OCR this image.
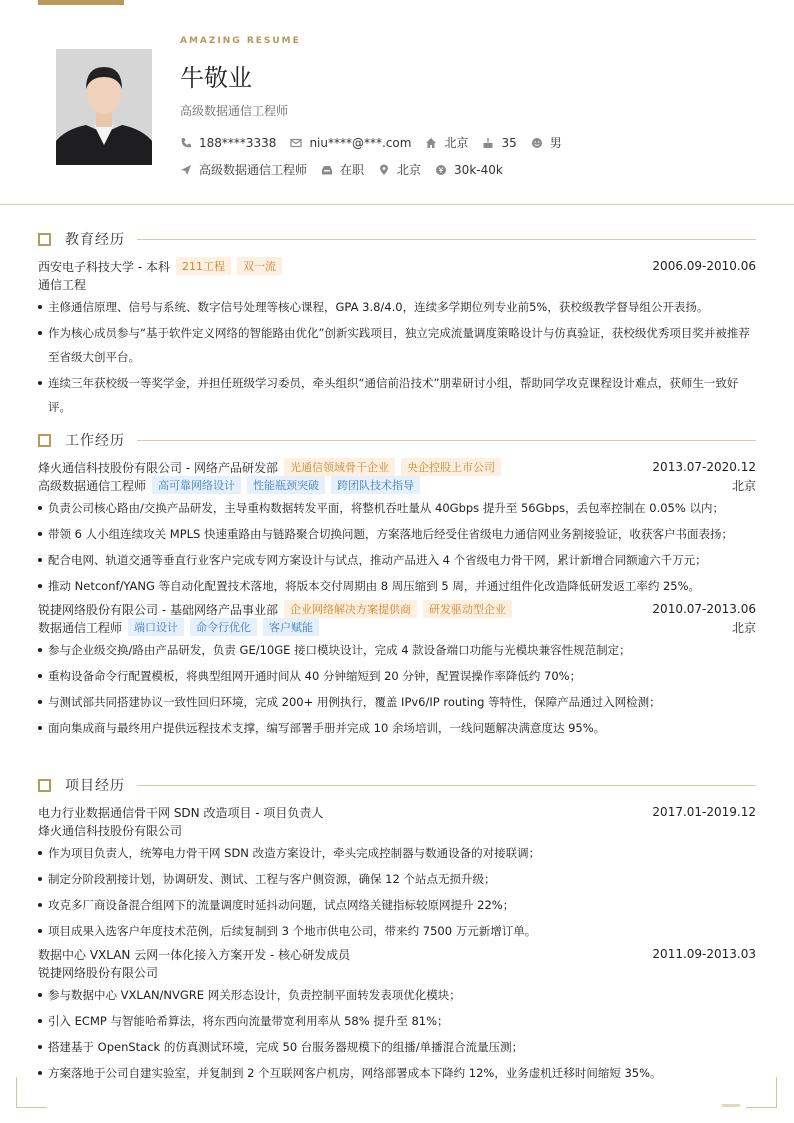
AMAZING RESUME
牛敬业
高级数据通信工程师
188****3338	niu****@***.com	北京	35	男
高级数据通信工程师	在职	北京	30k-40k
教育经历
西安电子科技大学 - 本科	211工程	双一流	2006.09-2010.06
通信工程
主修通信原理、信号与系统、数字信号处理等核心课程，GPA 3.8/4.0，连续多学期位列专业前5%，获校级教学督导组公开表扬。
作为核心成员参与“基于软件定义网络的智能路由优化”创新实践项目，独立完成流量调度策略设计与仿真验证，获校级优秀项目奖并被推荐至省级大创平台。
连续三年获校级一等奖学金，并担任班级学习委员，牵头组织“通信前沿技术”朋辈研讨小组，帮助同学攻克课程设计难点，获师生一致好评。
工作经历
烽火通信科技股份有限公司 - 网络产品研发部	光通信领域骨干企业	央企控股上市公司	2013.07-2020.12
高级数据通信工程师	高可靠网络设计	性能瓶颈突破	跨团队技术指导	北京
负责公司核心路由/交换产品研发，主导重构数据转发平面，将整机吞吐量从 40Gbps 提升至 56Gbps，丢包率控制在 0.05% 以内；
带领 6 人小组连续攻关 MPLS 快速重路由与链路聚合切换问题，方案落地后经受住省级电力通信网业务割接验证，收获客户书面表扬；
配合电网、轨道交通等垂直行业客户完成专网方案设计与试点，推动产品进入 4 个省级电力骨干网，累计新增合同额逾六千万元；
推动 Netconf/YANG 等自动化配置技术落地，将版本交付周期由 8 周压缩到 5 周，并通过组件化改造降低研发返工率约 25%。
锐捷网络股份有限公司 - 基础网络产品事业部	企业网络解决方案提供商	研发驱动型企业	2010.07-2013.06
数据通信工程师	端口设计	命令行优化	客户赋能	北京
参与企业级交换/路由产品研发，负责 GE/10GE 接口模块设计，完成 4 款设备端口功能与光模块兼容性规范制定；
重构设备命令行配置模板，将典型组网开通时间从 40 分钟缩短到 20 分钟，配置误操作率降低约 70%；
与测试部共同搭建协议一致性回归环境，完成 200+ 用例执行，覆盖 IPv6/IP routing 等特性，保障产品通过入网检测；
面向集成商与最终用户提供远程技术支撑，编写部署手册并完成 10 余场培训，一线问题解决满意度达 95%。
项目经历
电力行业数据通信骨干网 SDN 改造项目 - 项目负责人	2017.01-2019.12
烽火通信科技股份有限公司
作为项目负责人，统筹电力骨干网 SDN 改造方案设计，牵头完成控制器与数通设备的对接联调；
制定分阶段割接计划，协调研发、测试、工程与客户侧资源，确保 12 个站点无损升级；
攻克多厂商设备混合组网下的流量调度时延抖动问题，试点网络关键指标较原网提升 22%；
项目成果入选客户年度技术范例，后续复制到 3 个地市供电公司，带来约 7500 万元新增订单。
数据中心 VXLAN 云网一体化接入方案开发 - 核心研发成员	2011.09-2013.03
锐捷网络股份有限公司
参与数据中心 VXLAN/NVGRE 网关形态设计，负责控制平面转发表项优化模块；
引入 ECMP 与智能哈希算法，将东西向流量带宽利用率从 58% 提升至 81%；
搭建基于 OpenStack 的仿真测试环境，完成 50 台服务器规模下的组播/单播混合流量压测；
方案落地于公司自建实验室，并复制到 2 个互联网客户机房，网络部署成本下降约 12%，业务虚机迁移时间缩短 35%。
